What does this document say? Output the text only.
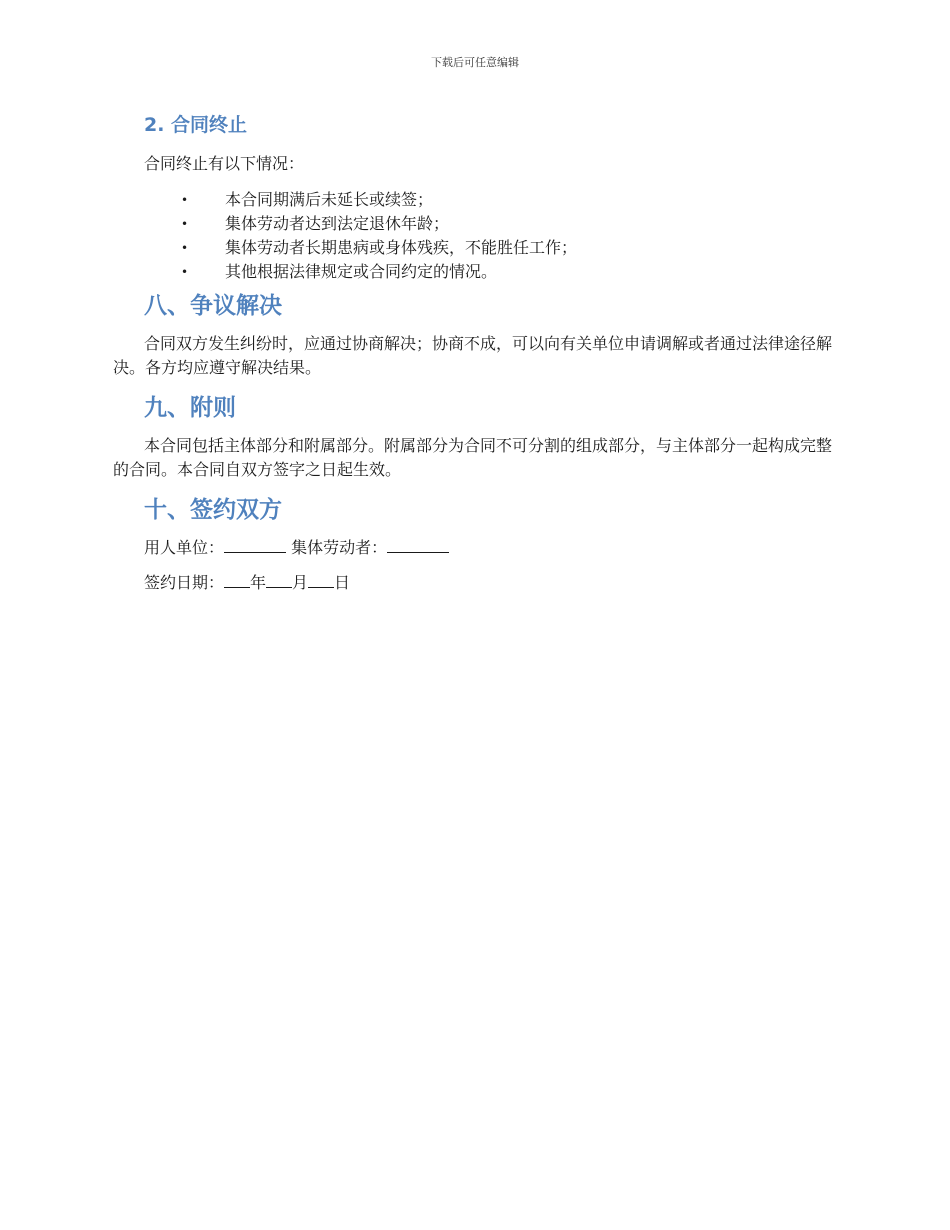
下载后可任意编辑
2. 合同终止

合同终止有以下情况：

• 本合同期满后未延长或续签；
• 集体劳动者达到法定退休年龄；
• 集体劳动者长期患病或身体残疾，不能胜任工作；
• 其他根据法律规定或合同约定的情况。
八、争议解决

合同双方发生纠纷时，应通过协商解决；协商不成，可以向有关单位申请调解或者通过法律途径解决。各方均应遵守解决结果。

九、附则

本合同包括主体部分和附属部分。附属部分为合同不可分割的组成部分，与主体部分一起构成完整的合同。本合同自双方签字之日起生效。

十、签约双方

用人单位：	集体劳动者：

签约日期： 年 月 日
